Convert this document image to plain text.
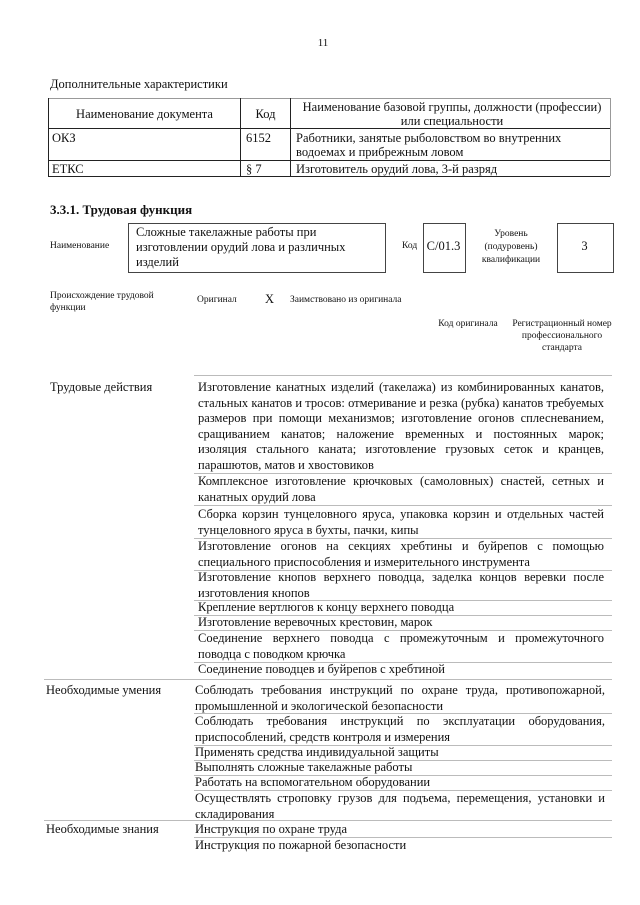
11
Дополнительные характеристики
Наименование документа	Код	Наименование базовой группы, должности (профессии) или специальности
ОКЗ	6152 Работники, занятые рыболовством во внутренних водоемах и прибрежным ловом
ЕТКС	§ 7	Изготовитель орудий лова, 3-й разряд
3.3.1. Трудовая функция
Наименование
Сложные такелажные работы при изготовлении орудий лова и различных изделий
Код С/01.3
Уровень (подуровень) квалификации
3
Происхождение трудовой функции
Оригинал X Заимствовано из оригинала
Код оригинала Регистрационный номер профессионального стандарта
Трудовые действия	Изготовление канатных изделий (такелажа) из комбинированных канатов, стальных канатов и тросов: отмеривание и резка (рубка) канатов требуемых размеров при помощи механизмов; изготовление огонов сплесневанием, сращиванием канатов; наложение временных и постоянных марок; изоляция стального каната; изготовление грузовых сеток и кранцев, парашютов, матов и хвостовиков
Комплексное изготовление крючковых (самоловных) снастей, сетных и канатных орудий лова
Сборка корзин тунцеловного яруса, упаковка корзин и отдельных частей тунцеловного яруса в бухты, пачки, кипы
Изготовление огонов на секциях хребтины и буйрепов с помощью специального приспособления и измерительного инструмента
Изготовление кнопов верхнего поводца, заделка концов веревки после изготовления кнопов
Крепление вертлюгов к концу верхнего поводца
Изготовление веревочных крестовин, марок
Соединение верхнего поводца с промежуточным и промежуточного поводца с поводком крючка
Соединение поводцев и буйрепов с хребтиной
Необходимые умения	Соблюдать требования инструкций по охране труда, противопожарной, промышленной и экологической безопасности
Соблюдать требования инструкций по эксплуатации оборудования, приспособлений, средств контроля и измерения
Применять средства индивидуальной защиты
Выполнять сложные такелажные работы
Работать на вспомогательном оборудовании
Осуществлять строповку грузов для подъема, перемещения, установки и складирования
Необходимые знания	Инструкция по охране труда
Инструкция по пожарной безопасности
